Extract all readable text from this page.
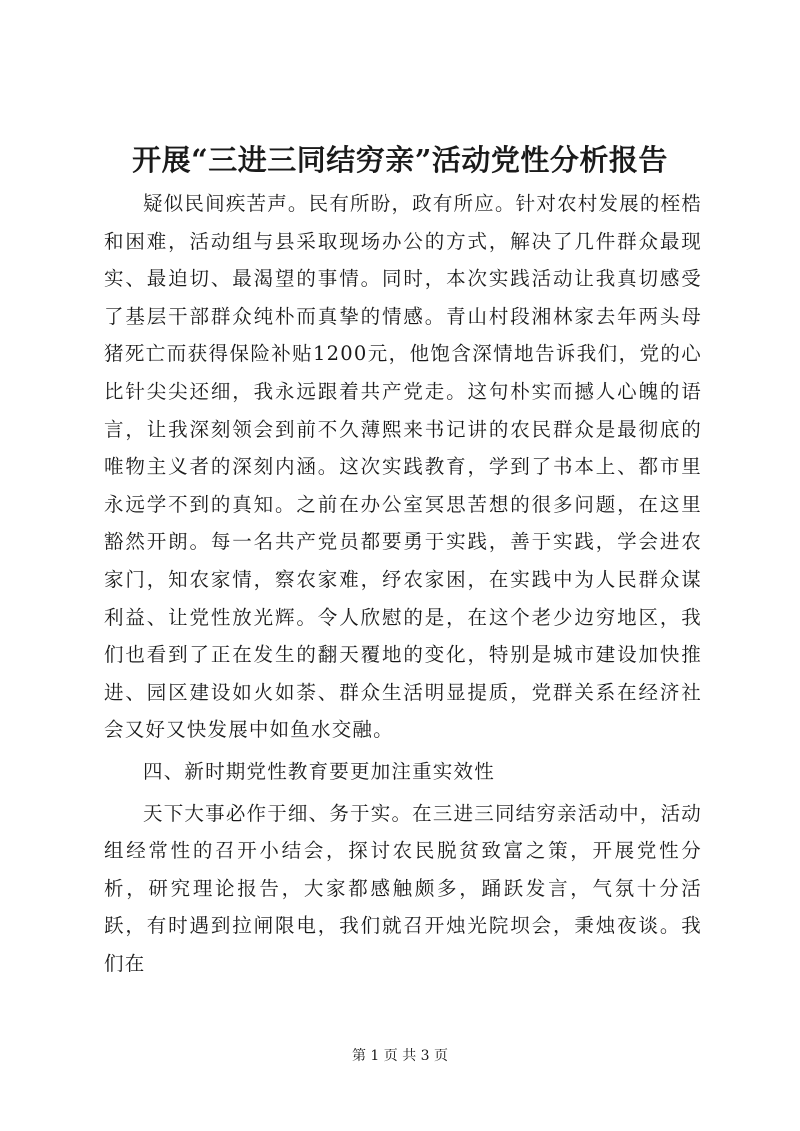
开展“三进三同结穷亲”活动党性分析报告

疑似民间疾苦声。民有所盼，政有所应。针对农村发展的桎梏和困难，活动组与县采取现场办公的方式，解决了几件群众最现实、最迫切、最渴望的事情。同时，本次实践活动让我真切感受了基层干部群众纯朴而真挚的情感。青山村段湘林家去年两头母猪死亡而获得保险补贴1200元，他饱含深情地告诉我们，党的心比针尖尖还细，我永远跟着共产党走。这句朴实而撼人心魄的语言，让我深刻领会到前不久薄熙来书记讲的农民群众是最彻底的唯物主义者的深刻内涵。这次实践教育，学到了书本上、都市里永远学不到的真知。之前在办公室冥思苦想的很多问题，在这里豁然开朗。每一名共产党员都要勇于实践，善于实践，学会进农家门，知农家情，察农家难，纾农家困，在实践中为人民群众谋利益、让党性放光辉。令人欣慰的是，在这个老少边穷地区，我们也看到了正在发生的翻天覆地的变化，特别是城市建设加快推进、园区建设如火如荼、群众生活明显提质，党群关系在经济社会又好又快发展中如鱼水交融。

四、新时期党性教育要更加注重实效性

天下大事必作于细、务于实。在三进三同结穷亲活动中，活动组经常性的召开小结会，探讨农民脱贫致富之策，开展党性分析，研究理论报告，大家都感触颇多，踊跃发言，气氛十分活跃，有时遇到拉闸限电，我们就召开烛光院坝会，秉烛夜谈。我们在

第 1 页 共 3 页
